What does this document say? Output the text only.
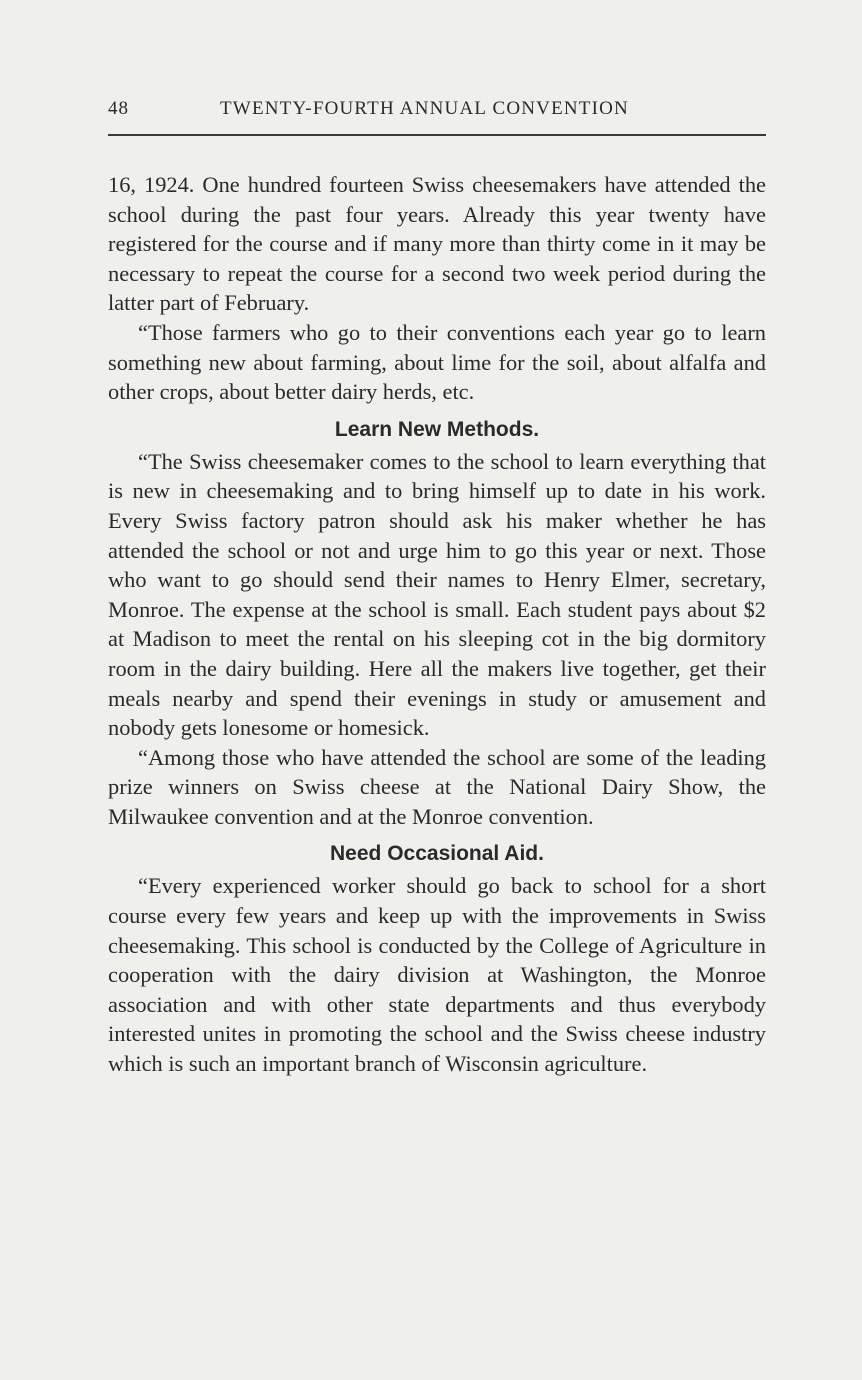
48	TWENTY-FOURTH ANNUAL CONVENTION

16, 1924. One hundred fourteen Swiss cheesemakers have attended the school during the past four years. Already this year twenty have registered for the course and if many more than thirty come in it may be necessary to repeat the course for a second two week period during the latter part of February.

“Those farmers who go to their conventions each year go to learn something new about farming, about lime for the soil, about alfalfa and other crops, about better dairy herds, etc.

Learn New Methods.

“The Swiss cheesemaker comes to the school to learn everything that is new in cheesemaking and to bring himself up to date in his work. Every Swiss factory patron should ask his maker whether he has attended the school or not and urge him to go this year or next. Those who want to go should send their names to Henry Elmer, secretary, Monroe. The expense at the school is small. Each student pays about $2 at Madison to meet the rental on his sleeping cot in the big dormitory room in the dairy building. Here all the makers live together, get their meals nearby and spend their evenings in study or amusement and nobody gets lonesome or homesick.

“Among those who have attended the school are some of the leading prize winners on Swiss cheese at the National Dairy Show, the Milwaukee convention and at the Monroe convention.

Need Occasional Aid.

“Every experienced worker should go back to school for a short course every few years and keep up with the improvements in Swiss cheesemaking. This school is conducted by the College of Agriculture in cooperation with the dairy division at Washington, the Monroe association and with other state departments and thus everybody interested unites in promoting the school and the Swiss cheese industry which is such an important branch of Wisconsin agriculture.
